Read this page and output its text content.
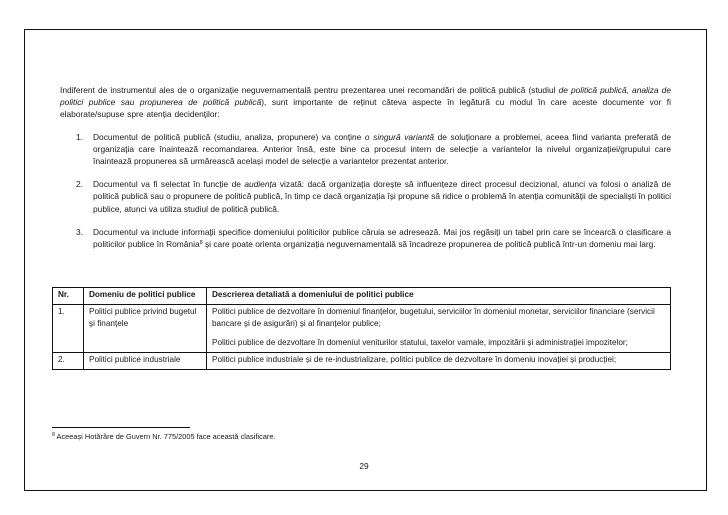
Indiferent de instrumentul ales de o organizație neguvernamentală pentru prezentarea unei recomandări de politică publică (studiul de politică publică, analiza de politici publice sau propunerea de politică publică), sunt importante de reținut câteva aspecte în legătură cu modul în care aceste documente vor fi elaborate/supuse spre atenția decidenților:

1. Documentul de politică publică (studiu, analiza, propunere) va conține o singură variantă de soluționare a problemei, aceea fiind varianta preferată de organizația care înaintează recomandarea. Anterior însă, este bine ca procesul intern de selecție a variantelor la nivelul organizației/grupului care înaintează propunerea să urmărească același model de selecție a variantelor prezentat anterior.
2. Documentul va fi selectat în funcție de audiența vizată: dacă organizația dorește să influențeze direct procesul decizional, atunci va folosi o analiză de politică publică sau o propunere de politică publică, în timp ce dacă organizația își propune să ridice o problemă în atenția comunității de specialiști în politici publice, atunci va utiliza studiul de politică publică.
3. Documentul va include informații specifice domeniului politicilor publice căruia se adresează. Mai jos regăsiți un tabel prin care se încearcă o clasificare a politicilor publice în România$^8$ și care poate orienta organizația neguvernamentală să încadreze propunerea de politică publică într-un domeniu mai larg.
Nr.	Domeniu de politici publice	Descrierea detaliată a domeniului de politici publice
1.	Politici publice privind bugetul și finanțele	Politici publice de dezvoltare în domeniul finanțelor, bugetului, serviciilor în domeniul monetar, serviciilor financiare (servicii bancare și de asigurări) și al finanțelor publice;

Politici publice de dezvoltare în domeniul veniturilor statului, taxelor vamale, impozitării și administrației impozitelor;

2.	Politici publice industriale	Politici publice industriale și de re-industrializare, politici publice de dezvoltare în domeniu inovației și producției;

$^8$ Aceeași Hotărâre de Guvern Nr. 775/2005 face această clasificare.
29
